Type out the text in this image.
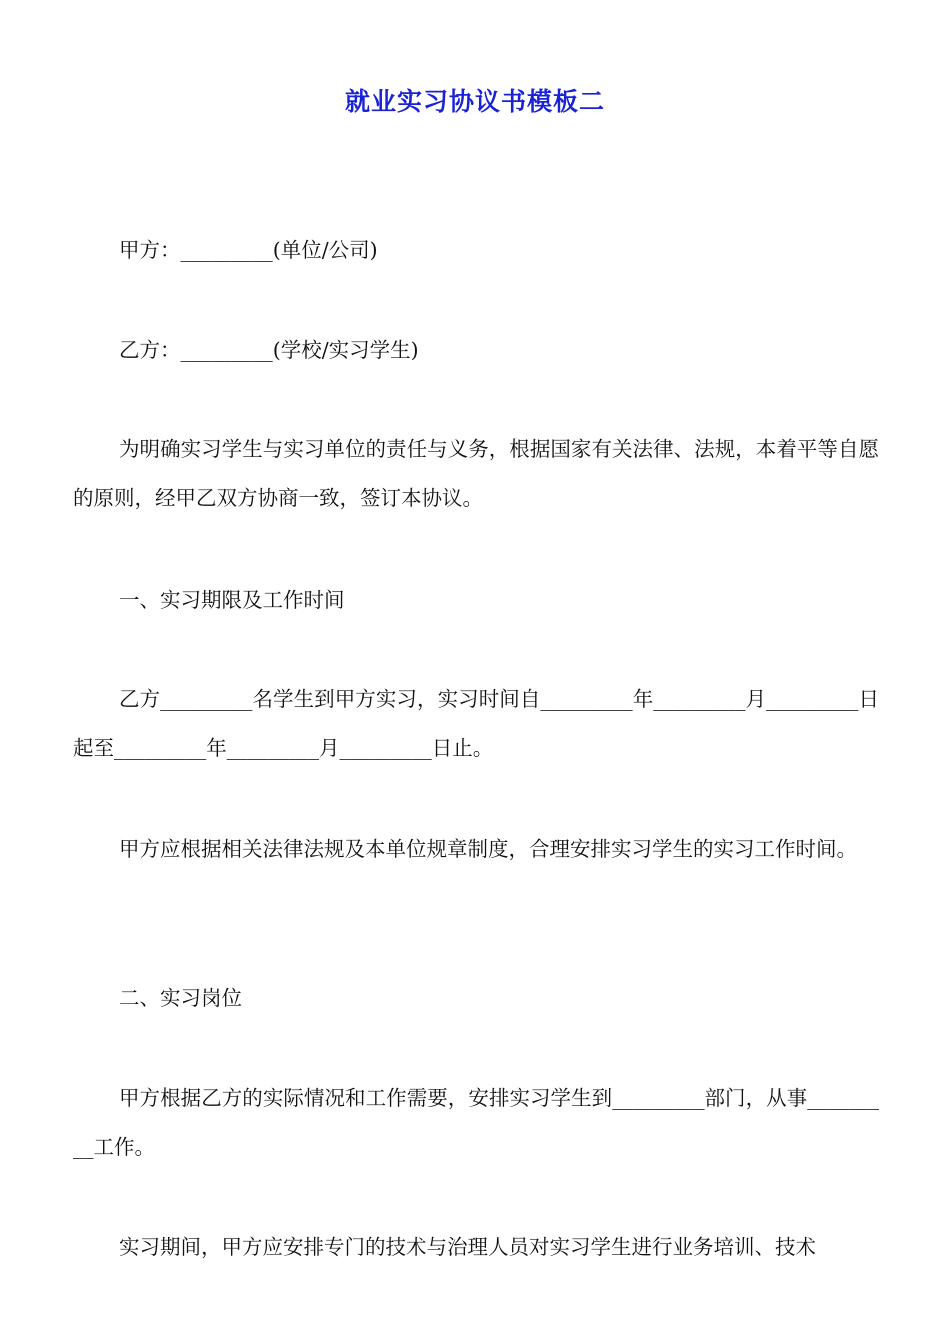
就业实习协议书模板二
甲方：_________(单位/公司)
乙方：_________(学校/实习学生)
为明确实习学生与实习单位的责任与义务，根据国家有关法律、法规，本着平等自愿的原则，经甲乙双方协商一致，签订本协议。
一、实习期限及工作时间
乙方_________名学生到甲方实习，实习时间自_________年_________月_________日起至_________年_________月_________日止。
甲方应根据相关法律法规及本单位规章制度，合理安排实习学生的实习工作时间。
二、实习岗位
甲方根据乙方的实际情况和工作需要，安排实习学生到_________部门，从事_________工作。
实习期间，甲方应安排专门的技术与治理人员对实习学生进行业务培训、技术
